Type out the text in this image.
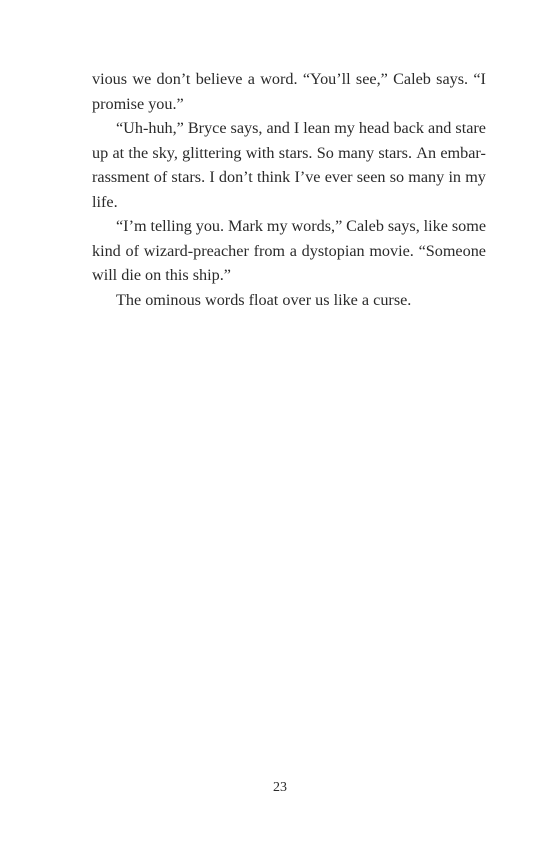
vious we don’t believe a word. “You’ll see,” Caleb says. “I
promise you.”
“Uh-huh,” Bryce says, and I lean my head back and stare
up at the sky, glittering with stars. So many stars. An embar-
rassment of stars. I don’t think I’ve ever seen so many in my
life.
“I’m telling you. Mark my words,” Caleb says, like some
kind of wizard-preacher from a dystopian movie. “Someone
will die on this ship.”
The ominous words float over us like a curse.
23
